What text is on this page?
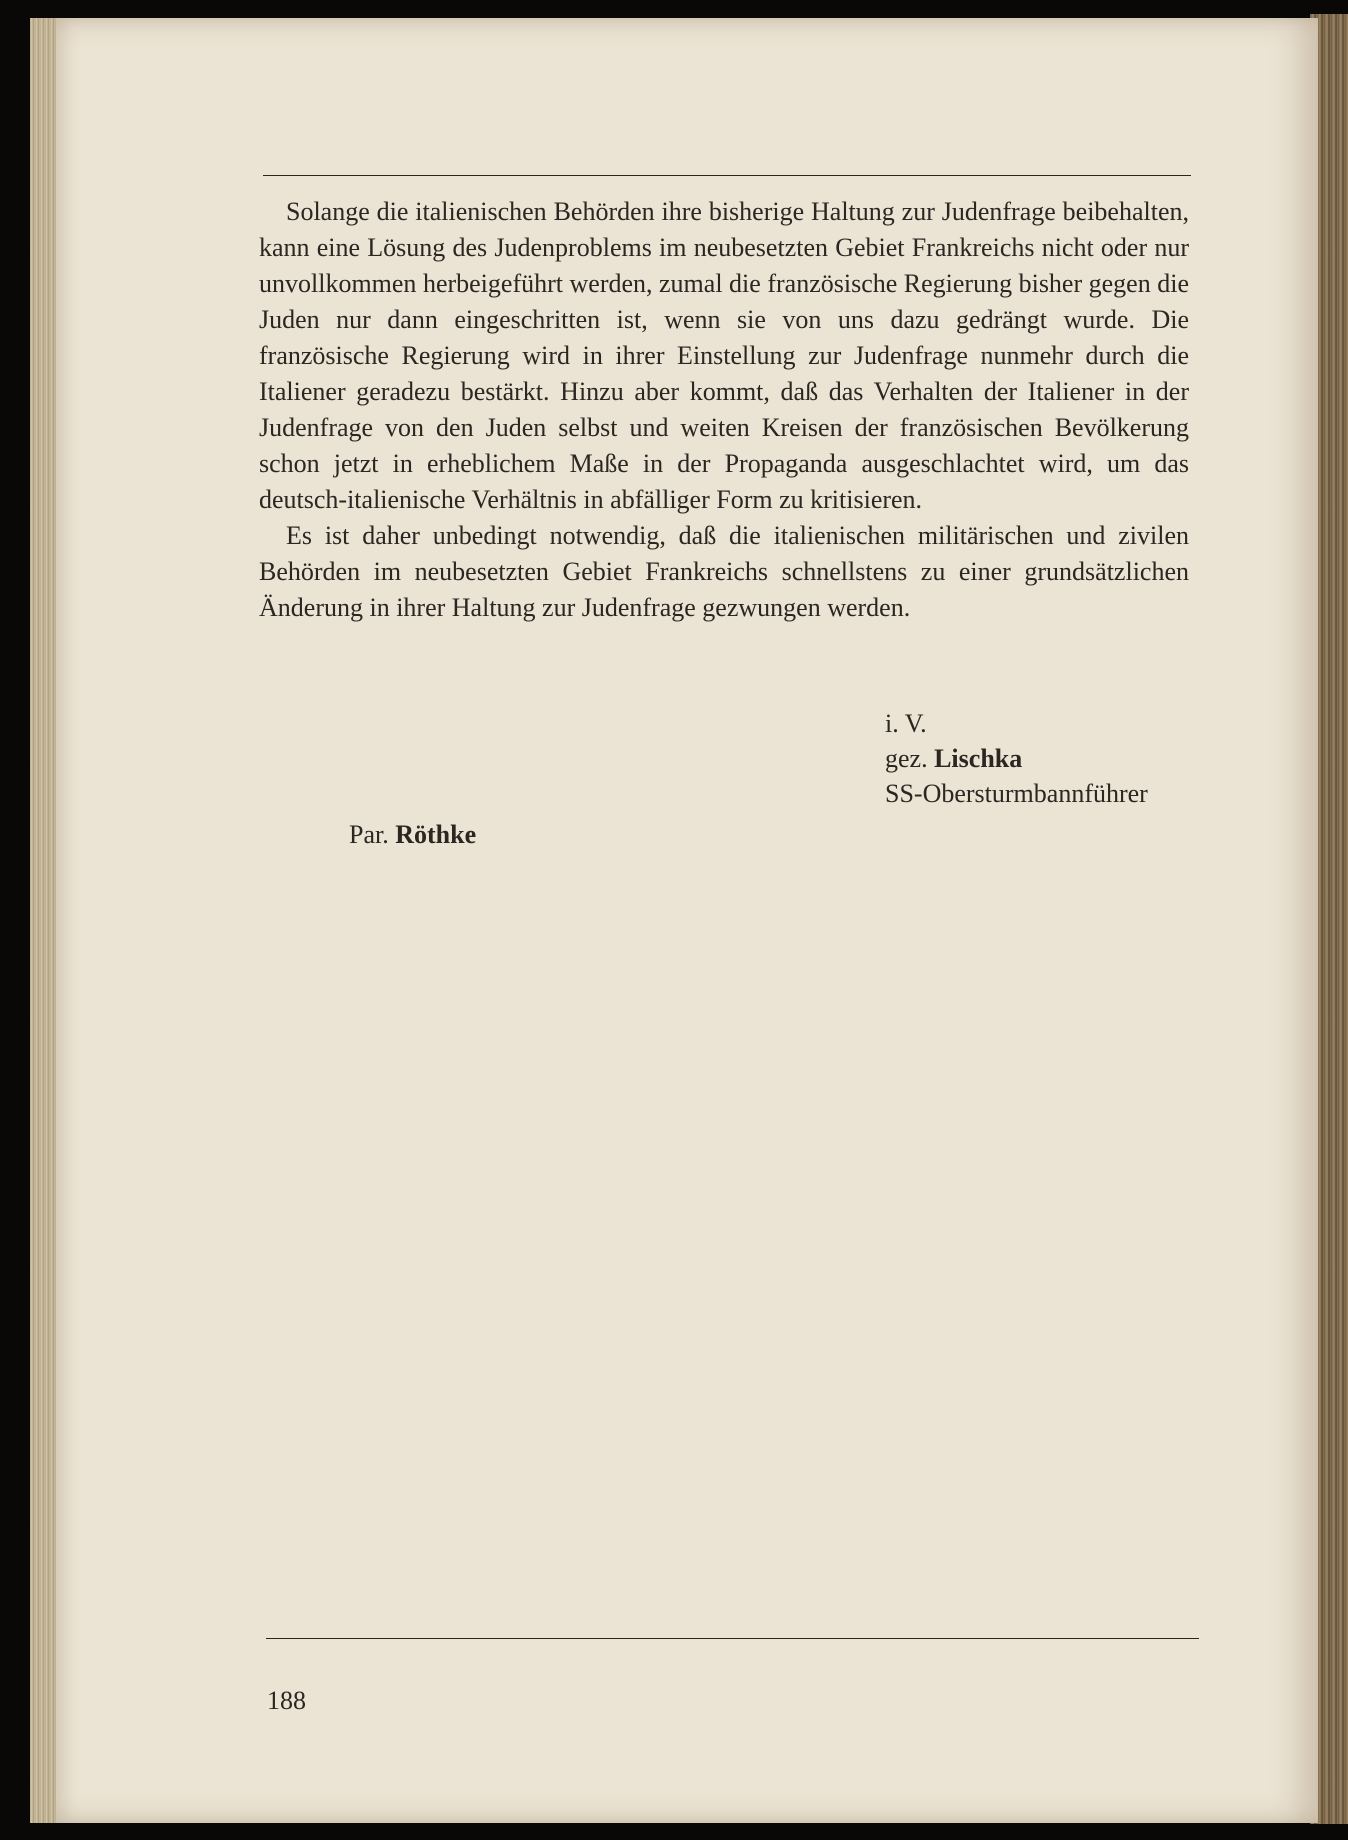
Solange die italienischen Behörden ihre bisherige Haltung zur Judenfrage beibehalten, kann eine Lösung des Judenproblems im neubesetzten Gebiet Frankreichs nicht oder nur unvollkommen herbeigeführt werden, zumal die französische Regierung bisher gegen die Juden nur dann eingeschritten ist, wenn sie von uns dazu gedrängt wurde. Die französische Regierung wird in ihrer Einstellung zur Judenfrage nunmehr durch die Italiener geradezu bestärkt. Hinzu aber kommt, daß das Verhalten der Italiener in der Judenfrage von den Juden selbst und weiten Kreisen der französischen Bevölkerung schon jetzt in erheblichem Maße in der Propaganda ausgeschlachtet wird, um das deutsch-italienische Verhältnis in abfälliger Form zu kritisieren.

Es ist daher unbedingt notwendig, daß die italienischen militärischen und zivilen Behörden im neubesetzten Gebiet Frankreichs schnellstens zu einer grundsätzlichen Änderung in ihrer Haltung zur Judenfrage gezwungen werden.

i. V.
gez. Lischka
SS-Obersturmbannführer
Par. Röthke
188
